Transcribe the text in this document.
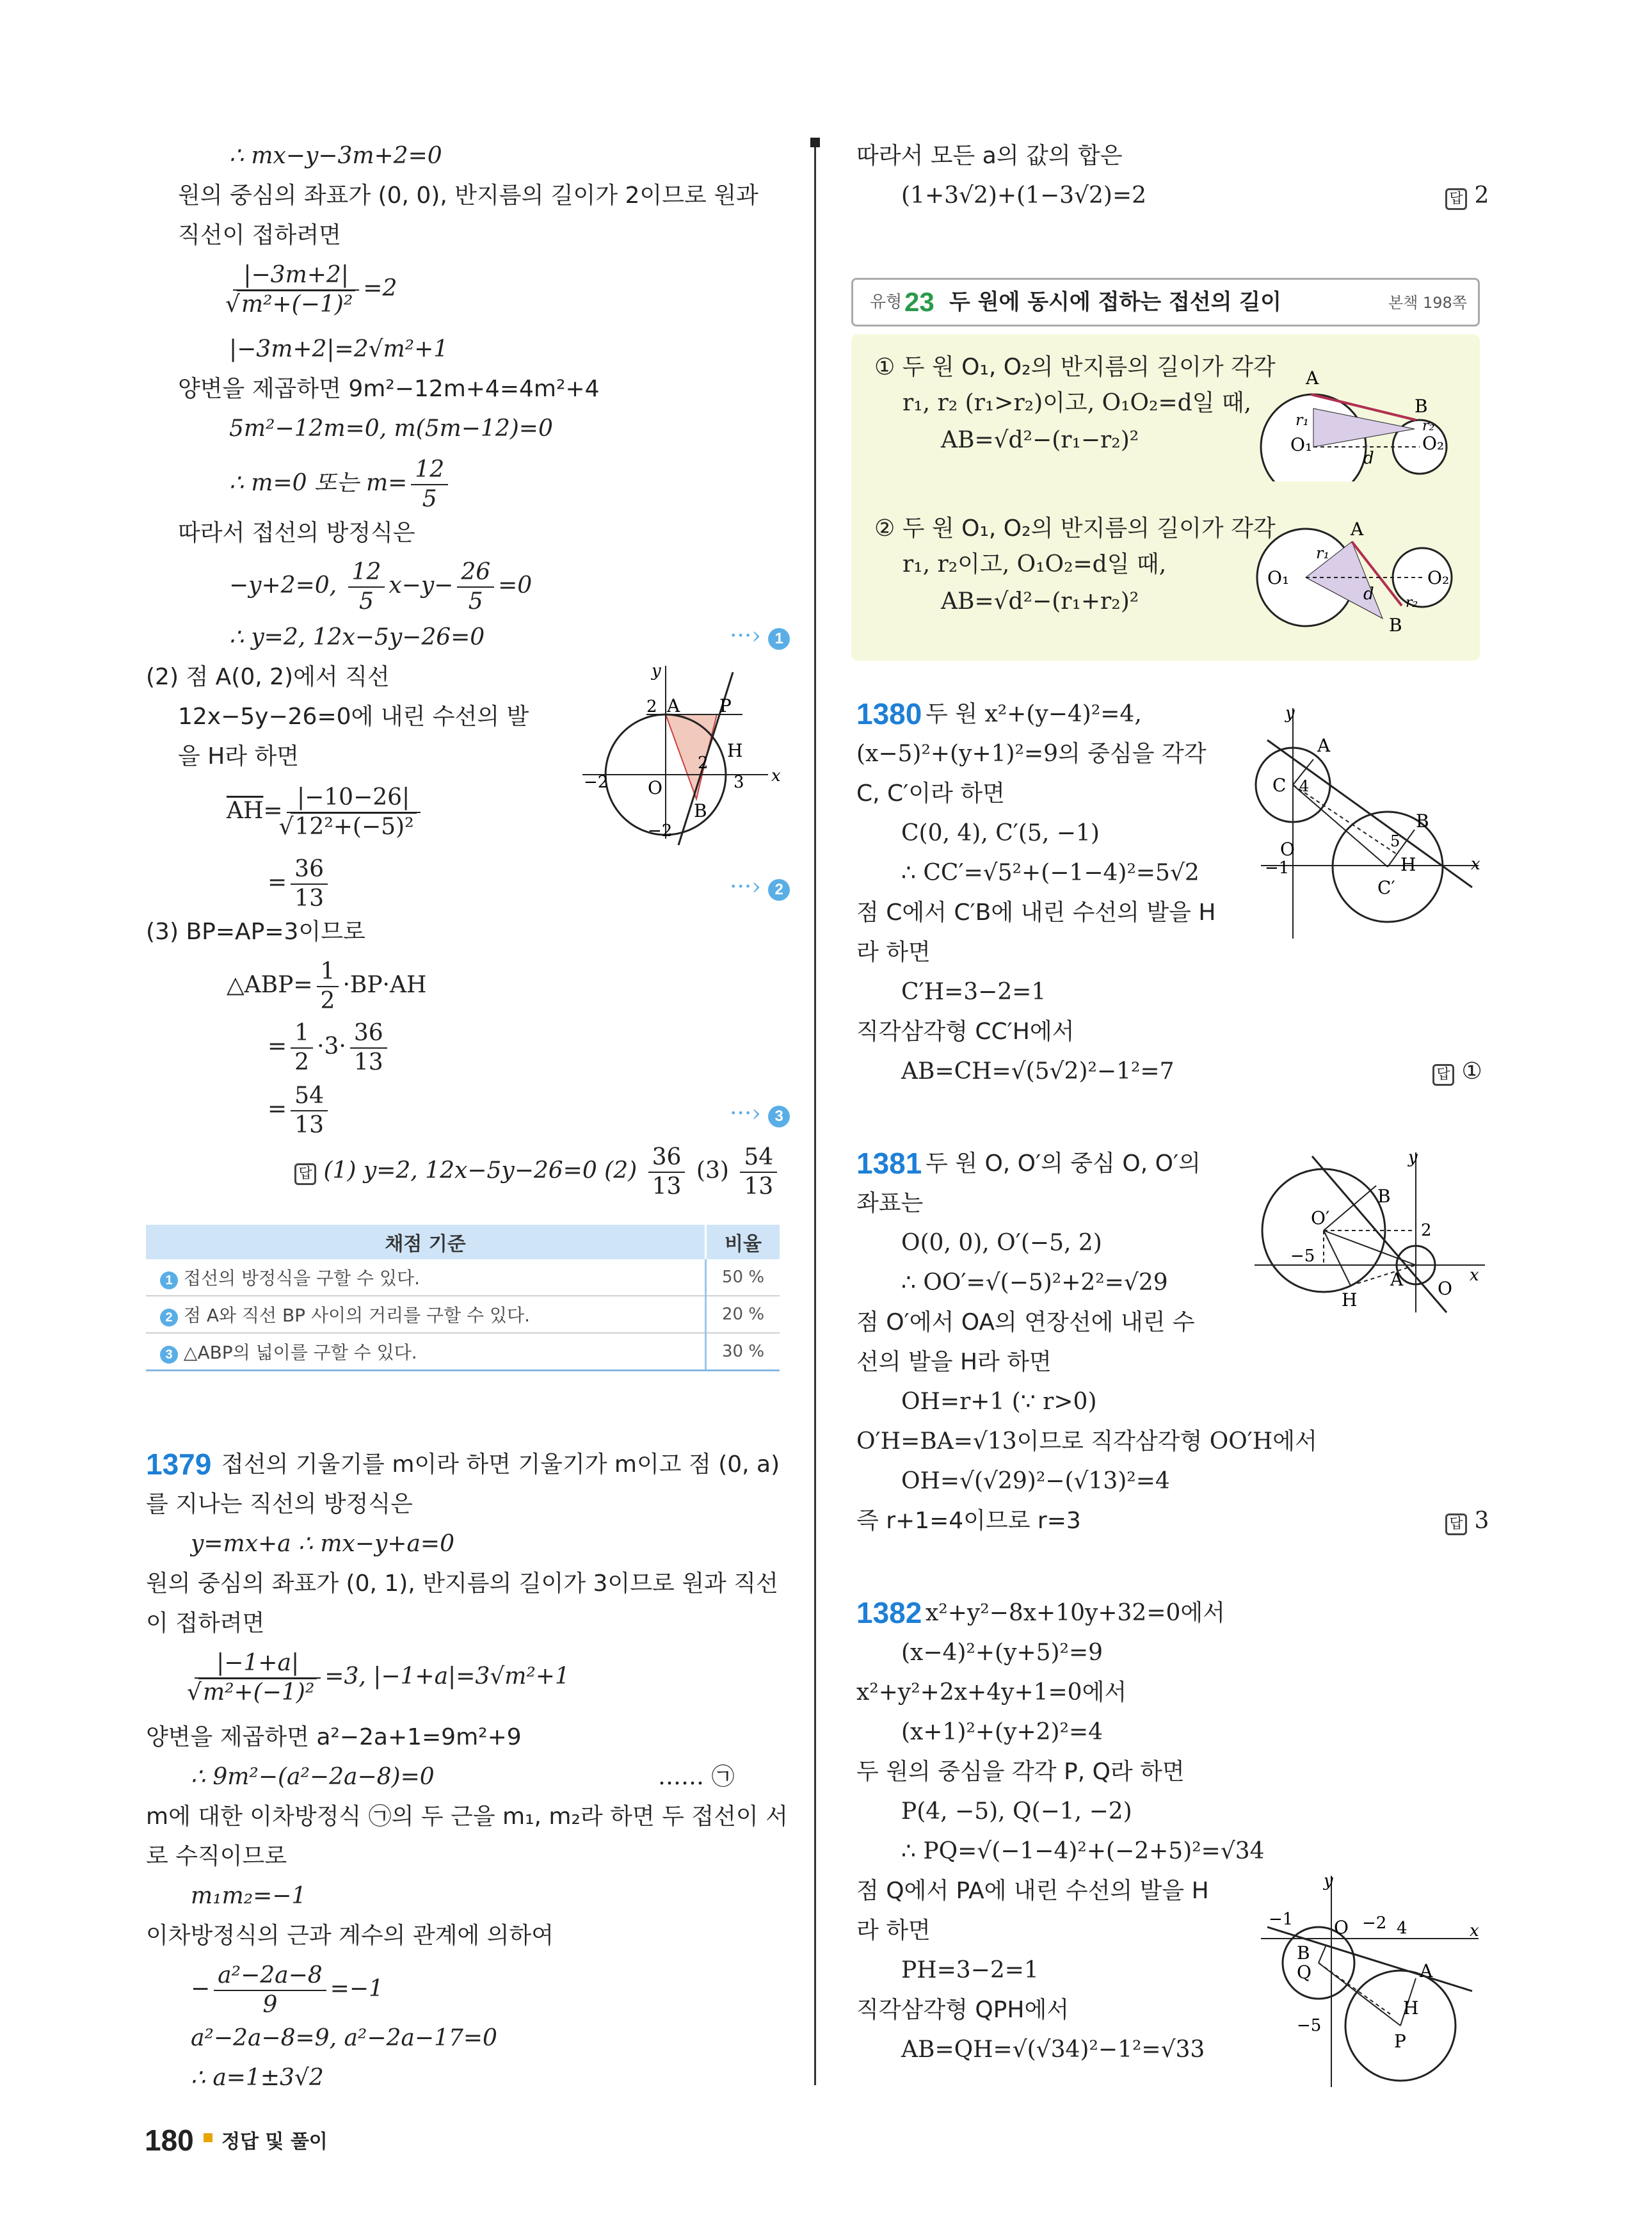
∴ mx−y−3m+2=0
원의 중심의 좌표가 (0, 0), 반지름의 길이가 2이므로 원과
직선이 접하려면
|−3m+2|
√ m²+(−1)² =2
|−3m+2|=2√m²+1
양변을 제곱하면 9m²−12m+4=4m²+4
5m²−12m=0, m(5m−12)=0
∴ m=0 또는 $m= \frac{12}{5}$
따라서 접선의 방정식은
−y+2=0, $\frac{12}{5} x-y- \frac{26}{5} =0$
∴ y=2, 12x−5y−26=0	···› 1
(2) 점 A(0, 2)에서 직선
12x−5y−26=0에 내린 수선의 발
을 H라 하면
$\overline{AH}= |-10-26|$
√ 12²+(−5)²
= $\frac{36}{13}$	···› 2
(3) BP=AP=3이므로
△ABP= $\frac{1}{2} \cdot BP\cdot AH$
= $\frac{1}{2} \cdot 3\cdot \frac{36}{13}$
= $\frac{54}{13}$	···› 3
답 (1) y=2, 12x−5y−26=0 $(2) \frac{36}{13} (3) \frac{54}{13}$
y
x
2 A P
H
B
O
−2	3
−2
2
채점 기준	비율
1 접선의 방정식을 구할 수 있다.	50 %
2 점 A와 직선 BP 사이의 거리를 구할 수 있다.	20 %
3 △ABP의 넓이를 구할 수 있다.	30 %
1379 접선의 기울기를 m이라 하면 기울기가 m이고 점 (0, a)
를 지나는 직선의 방정식은
y=mx+a ∴ mx−y+a=0
원의 중심의 좌표가 (0, 1), 반지름의 길이가 3이므로 원과 직선
이 접하려면
|−1+a|
√ m²+(−1)² =3, |−1+a|=3√m²+1
양변을 제곱하면 a²−2a+1=9m²+9
∴ 9m²−(a²−2a−8)=0	…… ㉠
m에 대한 이차방정식 ㉠의 두 근을 m₁, m₂라 하면 두 접선이 서
로 수직이므로
m₁m₂=−1
이차방정식의 근과 계수의 관계에 의하여
− $\frac{\text{a²−2a−8}}{9} =-1$
a²−2a−8=9, a²−2a−17=0
∴ a=1±3√2
따라서 모든 a의 값의 합은
(1+3√2)+(1−3√2)=2	답 2
유형 23 두 원에 동시에 접하는 접선의 길이	본책 198쪽
① 두 원 O₁, O₂의 반지름의 길이가 각각
r₁, r₂ (r₁>r₂)이고, O₁O₂=d일 때,
AB=√d²−(r₁−r₂)²
② 두 원 O₁, O₂의 반지름의 길이가 각각
r₁, r₂이고, O₁O₂=d일 때,
AB=√d²−(r₁+r₂)²
A
B
O₁	O₂
r₁	r₂
d
A
B
O₁	O₂
r₁
r₂
d
1380 두 원 x²+(y−4)²=4,
(x−5)²+(y+1)²=9의 중심을 각각
C, C′이라 하면
C(0, 4), C′(5, −1)
∴ CC′=√5²+(−1−4)²=5√2
점 C에서 C′B에 내린 수선의 발을 H
라 하면
C′H=3−2=1
직각삼각형 CC′H에서
AB=CH=√(5√2)²−1²=7	답 ①
y
x
A
B
C 4
C′
H
O	5
−1
1381 두 원 O, O′의 중심 O, O′의
좌표는
O(0, 0), O′(−5, 2)
∴ OO′=√(−5)²+2²=√29
점 O′에서 OA의 연장선에 내린 수
선의 발을 H라 하면
OH=r+1 (∵ r>0)
O′H=BA=√13이므로 직각삼각형 OO′H에서
OH=√(√29)²−(√13)²=4
즉 r+1=4이므로 r=3	답 3
y
x
O′
B
A O
H
2
−5
1382 x²+y²−8x+10y+32=0에서
(x−4)²+(y+5)²=9
x²+y²+2x+4y+1=0에서
(x+1)²+(y+2)²=4
두 원의 중심을 각각 P, Q라 하면
P(4, −5), Q(−1, −2)
∴ PQ=√(−1−4)²+(−2+5)²=√34
점 Q에서 PA에 내린 수선의 발을 H
라 하면
PH=3−2=1
직각삼각형 QPH에서
AB=QH=√(√34)²−1²=√33
y
x
O
−1	−2 4
B
Q	A
H
P
−5
180 정답 및 풀이
